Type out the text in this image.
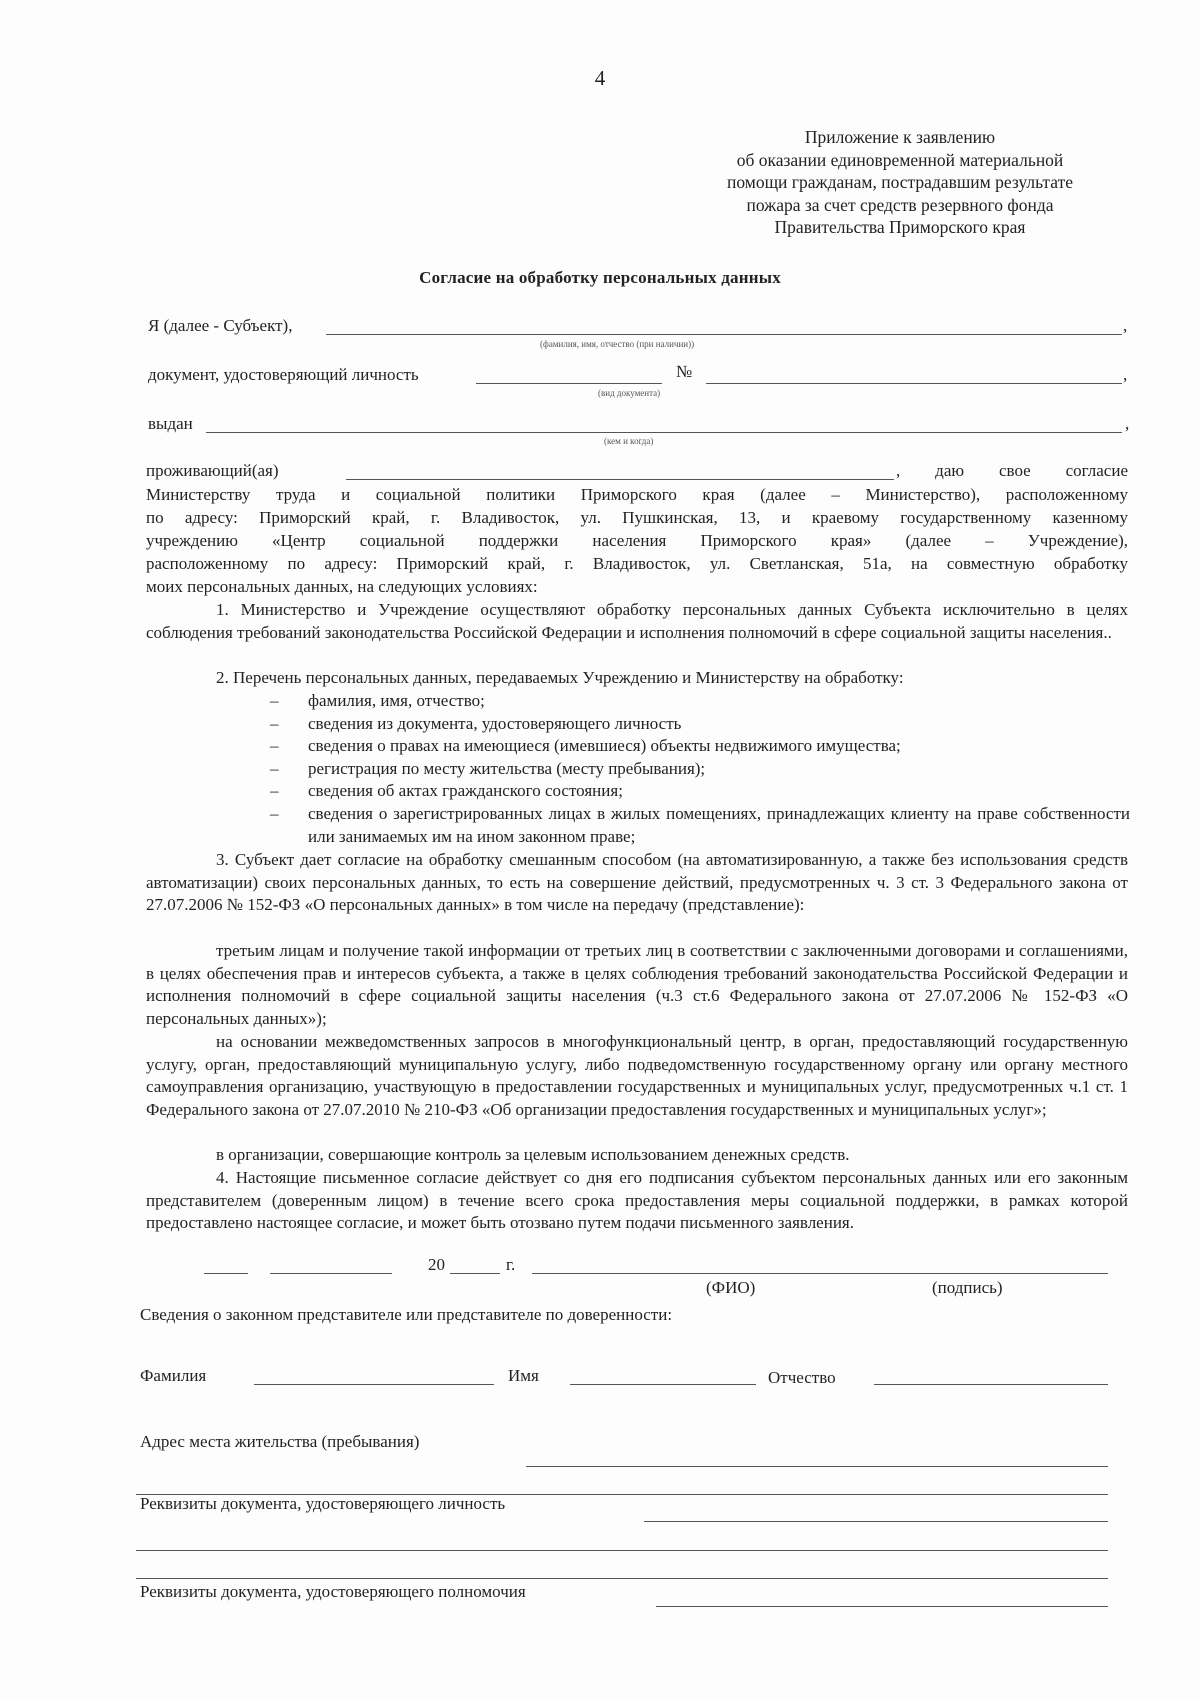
4
Приложение к заявлению
об оказании единовременной материальной
помощи гражданам, пострадавшим результате
пожара за счет средств резервного фонда
Правительства Приморского края
Согласие на обработку персональных данных
Я (далее - Субъект),	,
(фамилия, имя, отчество (при наличии))
документ, удостоверяющий личность	№	,
(вид документа)
выдан	,
(кем и когда)
проживающий(ая)	, даю свое согласие
Министерству труда и социальной политики Приморского края (далее – Министерство), расположенному
по адресу: Приморский край, г. Владивосток, ул. Пушкинская, 13, и краевому государственному казенному
учреждению «Центр социальной поддержки населения Приморского края» (далее – Учреждение),
расположенному по адресу: Приморский край, г. Владивосток, ул. Светланская, 51а, на совместную обработку
моих персональных данных, на следующих условиях:
1. Министерство и Учреждение осуществляют обработку персональных данных Субъекта исключительно в целях соблюдения требований законодательства Российской Федерации и исполнения полномочий в сфере социальной защиты населения..
2. Перечень персональных данных, передаваемых Учреждению и Министерству на обработку:
– фамилия, имя, отчество;
– сведения из документа, удостоверяющего личность
– сведения о правах на имеющиеся (имевшиеся) объекты недвижимого имущества;
– регистрация по месту жительства (месту пребывания);
– сведения об актах гражданского состояния;
– сведения о зарегистрированных лицах в жилых помещениях, принадлежащих клиенту на праве собственности или занимаемых им на ином законном праве;
3. Субъект дает согласие на обработку смешанным способом (на автоматизированную, а также без использования средств автоматизации) своих персональных данных, то есть на совершение действий, предусмотренных ч. 3 ст. 3 Федерального закона от 27.07.2006 № 152-ФЗ «О персональных данных» в том числе на передачу (представление):
третьим лицам и получение такой информации от третьих лиц в соответствии с заключенными договорами и соглашениями, в целях обеспечения прав и интересов субъекта, а также в целях соблюдения требований законодательства Российской Федерации и исполнения полномочий в сфере социальной защиты населения (ч.3 ст.6 Федерального закона от 27.07.2006 № 152-ФЗ «О персональных данных»);
на основании межведомственных запросов в многофункциональный центр, в орган, предоставляющий государственную услугу, орган, предоставляющий муниципальную услугу, либо подведомственную государственному органу или органу местного самоуправления организацию, участвующую в предоставлении государственных и муниципальных услуг, предусмотренных ч.1 ст. 1 Федерального закона от 27.07.2010 № 210-ФЗ «Об организации предоставления государственных и муниципальных услуг»;
в организации, совершающие контроль за целевым использованием денежных средств.
4. Настоящие письменное согласие действует со дня его подписания субъектом персональных данных или его законным представителем (доверенным лицом) в течение всего срока предоставления меры социальной поддержки, в рамках которой предоставлено настоящее согласие, и может быть отозвано путем подачи письменного заявления.
20	г.
(ФИО)	(подпись)
Сведения о законном представителе или представителе по доверенности:
Фамилия	Имя	Отчество
Адрес места жительства (пребывания)
Реквизиты документа, удостоверяющего личность
Реквизиты документа, удостоверяющего полномочия
